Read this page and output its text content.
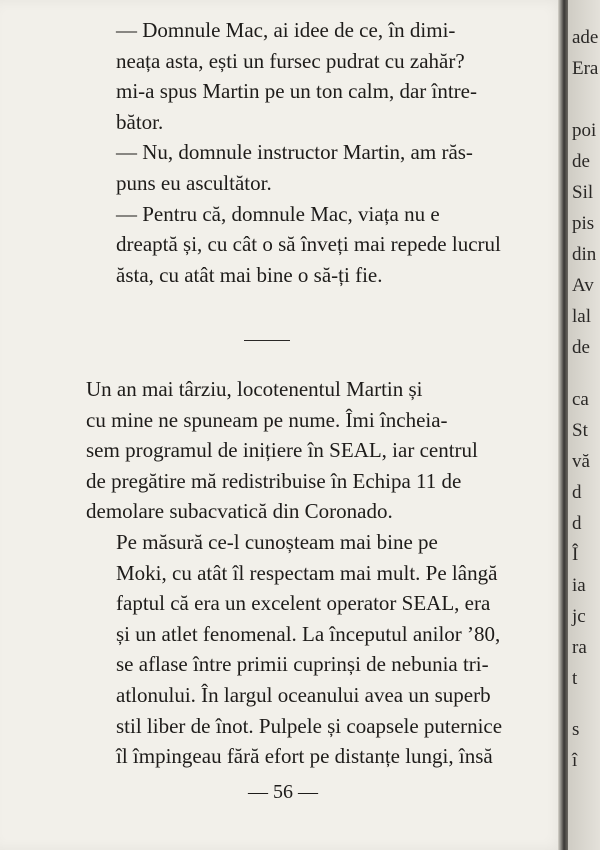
— Domnule Mac, ai idee de ce, în dimi-
neața asta, ești un fursec pudrat cu zahăr?
mi-a spus Martin pe un ton calm, dar între-
bător.

— Nu, domnule instructor Martin, am răs-
puns eu ascultător.

— Pentru că, domnule Mac, viața nu e
dreaptă și, cu cât o să înveți mai repede lucrul
ăsta, cu atât mai bine o să-ți fie.

Un an mai târziu, locotenentul Martin și
cu mine ne spuneam pe nume. Îmi încheia-
sem programul de inițiere în SEAL, iar centrul
de pregătire mă redistribuise în Echipa 11 de
demolare subacvatică din Coronado.

Pe măsură ce-l cunoșteam mai bine pe
Moki, cu atât îl respectam mai mult. Pe lângă
faptul că era un excelent operator SEAL, era
și un atlet fenomenal. La începutul anilor ’80,
se aflase între primii cuprinși de nebunia tri-
atlonului. În largul oceanului avea un superb
stil liber de înot. Pulpele și coapsele puternice
îl împingeau fără efort pe distanțe lungi, însă

— 56 —
ade
Era
poi
de
Sil
pis
din
Av
lal
de
ca
St
vă
d
d
Î
ia
jc
ra
t
s
î
